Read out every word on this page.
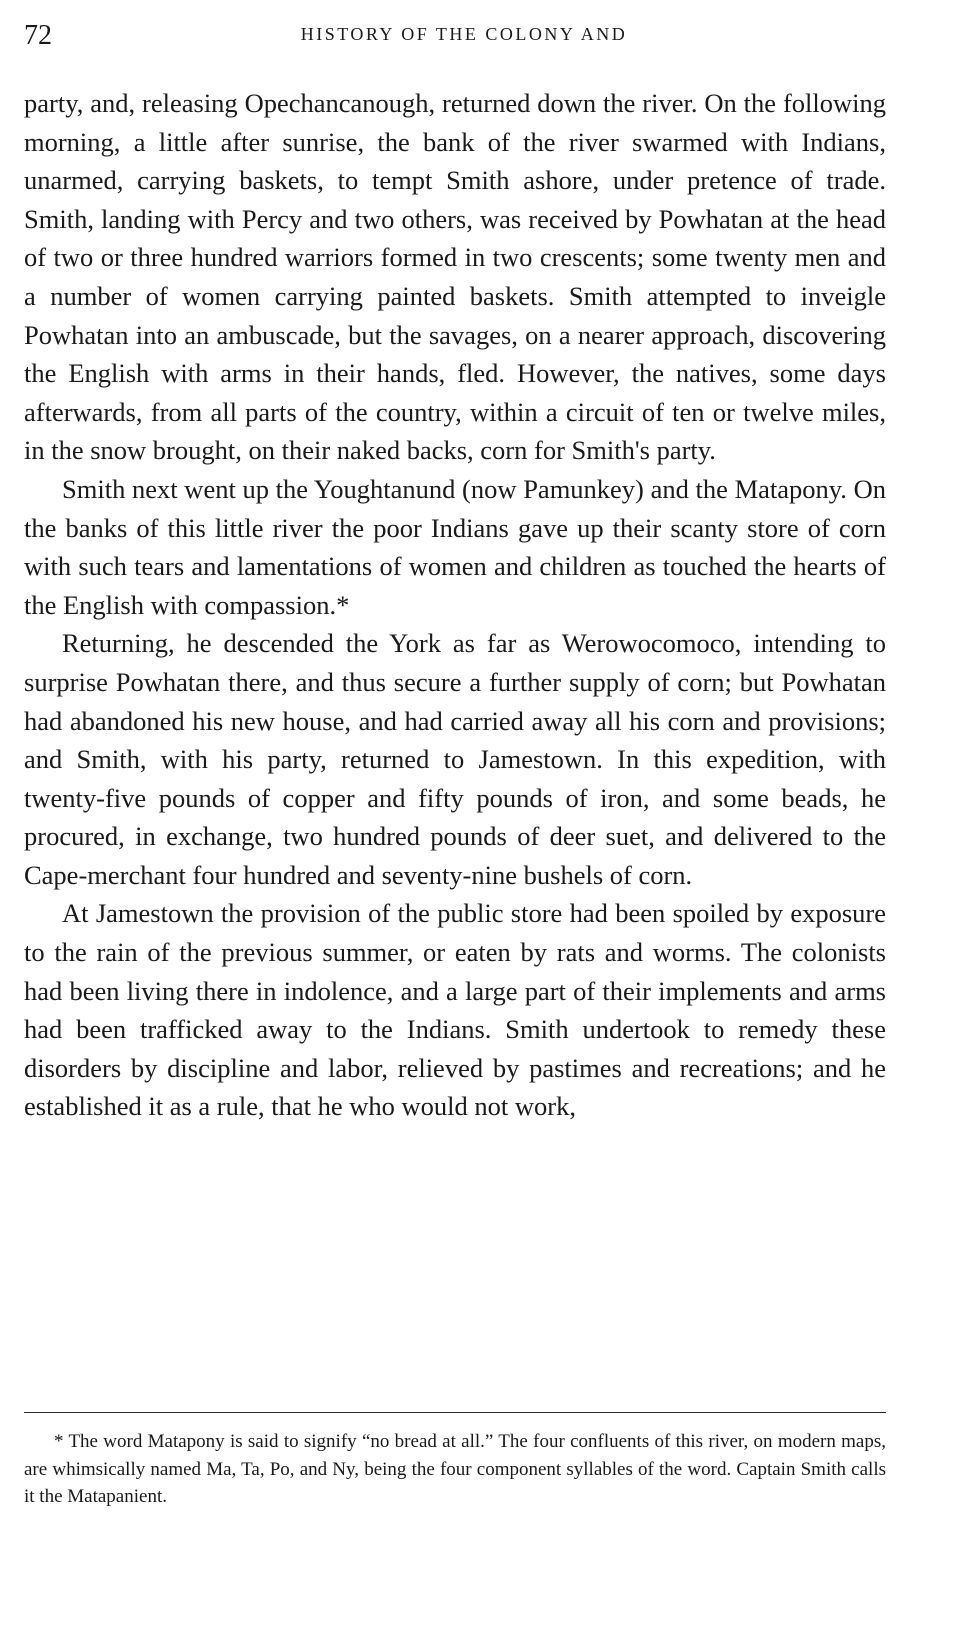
72	HISTORY OF THE COLONY AND

party, and, releasing Opechancanough, returned down the river. On the following morning, a little after sunrise, the bank of the river swarmed with Indians, unarmed, carrying baskets, to tempt Smith ashore, under pretence of trade. Smith, landing with Percy and two others, was received by Powhatan at the head of two or three hundred warriors formed in two crescents; some twenty men and a number of women carrying painted baskets. Smith attempted to inveigle Powhatan into an ambuscade, but the savages, on a nearer approach, discovering the English with arms in their hands, fled. However, the natives, some days afterwards, from all parts of the country, within a circuit of ten or twelve miles, in the snow brought, on their naked backs, corn for Smith's party.

Smith next went up the Youghtanund (now Pamunkey) and the Matapony. On the banks of this little river the poor Indians gave up their scanty store of corn with such tears and lamentations of women and children as touched the hearts of the English with compassion.*

Returning, he descended the York as far as Werowocomoco, intending to surprise Powhatan there, and thus secure a further supply of corn; but Powhatan had abandoned his new house, and had carried away all his corn and provisions; and Smith, with his party, returned to Jamestown. In this expedition, with twenty-five pounds of copper and fifty pounds of iron, and some beads, he procured, in exchange, two hundred pounds of deer suet, and delivered to the Cape-merchant four hundred and seventy-nine bushels of corn.

At Jamestown the provision of the public store had been spoiled by exposure to the rain of the previous summer, or eaten by rats and worms. The colonists had been living there in indolence, and a large part of their implements and arms had been trafficked away to the Indians. Smith undertook to remedy these disorders by discipline and labor, relieved by pastimes and recreations; and he established it as a rule, that he who would not work,

* The word Matapony is said to signify “no bread at all.” The four confluents of this river, on modern maps, are whimsically named Ma, Ta, Po, and Ny, being the four component syllables of the word. Captain Smith calls it the Matapanient.
